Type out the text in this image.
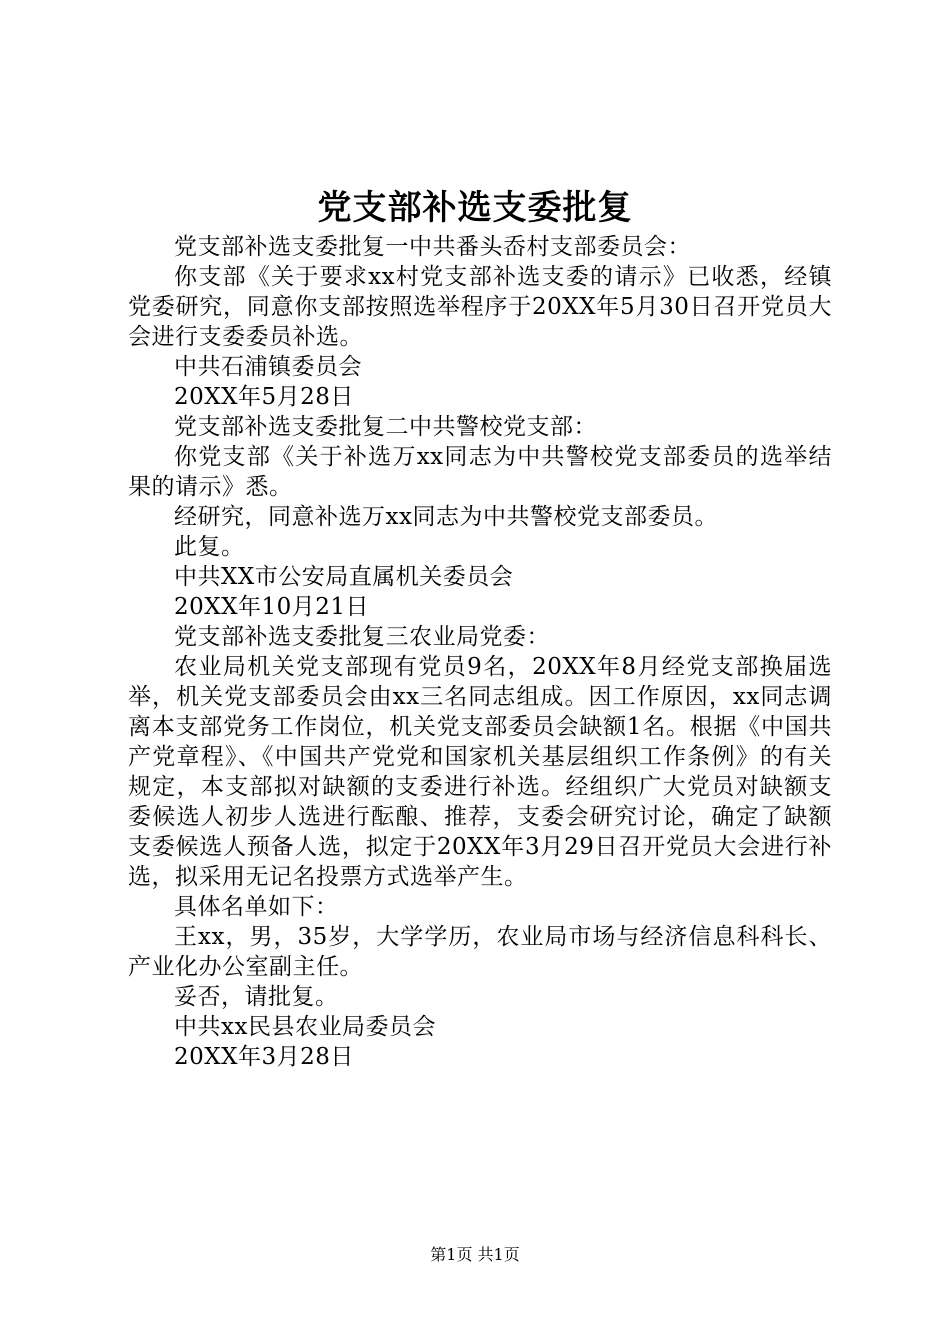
党支部补选支委批复

党支部补选支委批复一中共番头岙村支部委员会：

你支部《关于要求xx村党支部补选支委的请示》已收悉，经镇党委研究，同意你支部按照选举程序于20XX年5月30日召开党员大会进行支委委员补选。

中共石浦镇委员会

20XX年5月28日

党支部补选支委批复二中共警校党支部：

你党支部《关于补选万xx同志为中共警校党支部委员的选举结果的请示》悉。

经研究，同意补选万xx同志为中共警校党支部委员。

此复。

中共XX市公安局直属机关委员会

20XX年10月21日

党支部补选支委批复三农业局党委：

农业局机关党支部现有党员9名，20XX年8月经党支部换届选举，机关党支部委员会由xx三名同志组成。因工作原因，xx同志调离本支部党务工作岗位，机关党支部委员会缺额1名。根据《中国共产党章程》、《中国共产党党和国家机关基层组织工作条例》的有关规定，本支部拟对缺额的支委进行补选。经组织广大党员对缺额支委候选人初步人选进行酝酿、推荐，支委会研究讨论，确定了缺额支委候选人预备人选，拟定于20XX年3月29日召开党员大会进行补选，拟采用无记名投票方式选举产生。

具体名单如下：

王xx，男，35岁，大学学历，农业局市场与经济信息科科长、产业化办公室副主任。

妥否，请批复。

中共xx民县农业局委员会

20XX年3月28日

第1页 共1页
